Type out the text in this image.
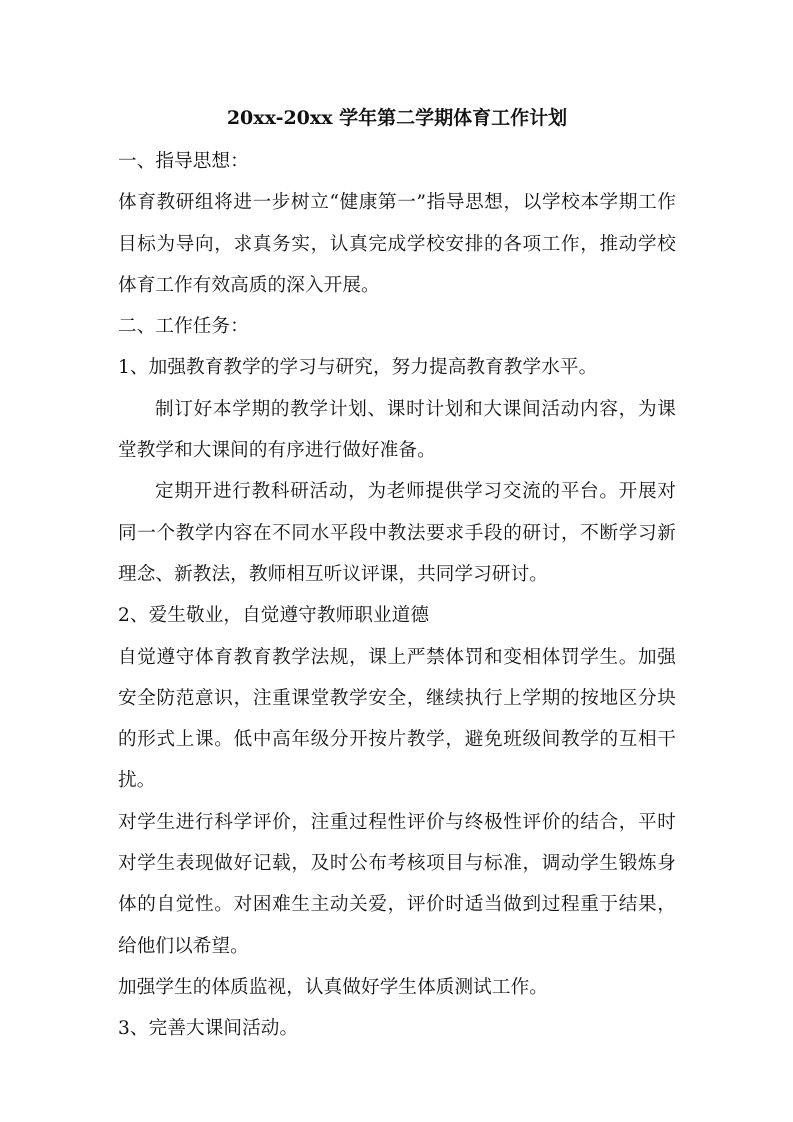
20xx-20xx 学年第二学期体育工作计划

一、指导思想：

体育教研组将进一步树立“健康第一”指导思想，以学校本学期工作目标为导向，求真务实，认真完成学校安排的各项工作，推动学校体育工作有效高质的深入开展。

二、工作任务：

1、加强教育教学的学习与研究，努力提高教育教学水平。

制订好本学期的教学计划、课时计划和大课间活动内容，为课堂教学和大课间的有序进行做好准备。

定期开进行教科研活动，为老师提供学习交流的平台。开展对同一个教学内容在不同水平段中教法要求手段的研讨，不断学习新理念、新教法，教师相互听议评课，共同学习研讨。

2、爱生敬业，自觉遵守教师职业道德

自觉遵守体育教育教学法规，课上严禁体罚和变相体罚学生。加强安全防范意识，注重课堂教学安全，继续执行上学期的按地区分块的形式上课。低中高年级分开按片教学，避免班级间教学的互相干扰。

对学生进行科学评价，注重过程性评价与终极性评价的结合，平时对学生表现做好记载，及时公布考核项目与标准，调动学生锻炼身体的自觉性。对困难生主动关爱，评价时适当做到过程重于结果，给他们以希望。

加强学生的体质监视，认真做好学生体质测试工作。

3、完善大课间活动。
